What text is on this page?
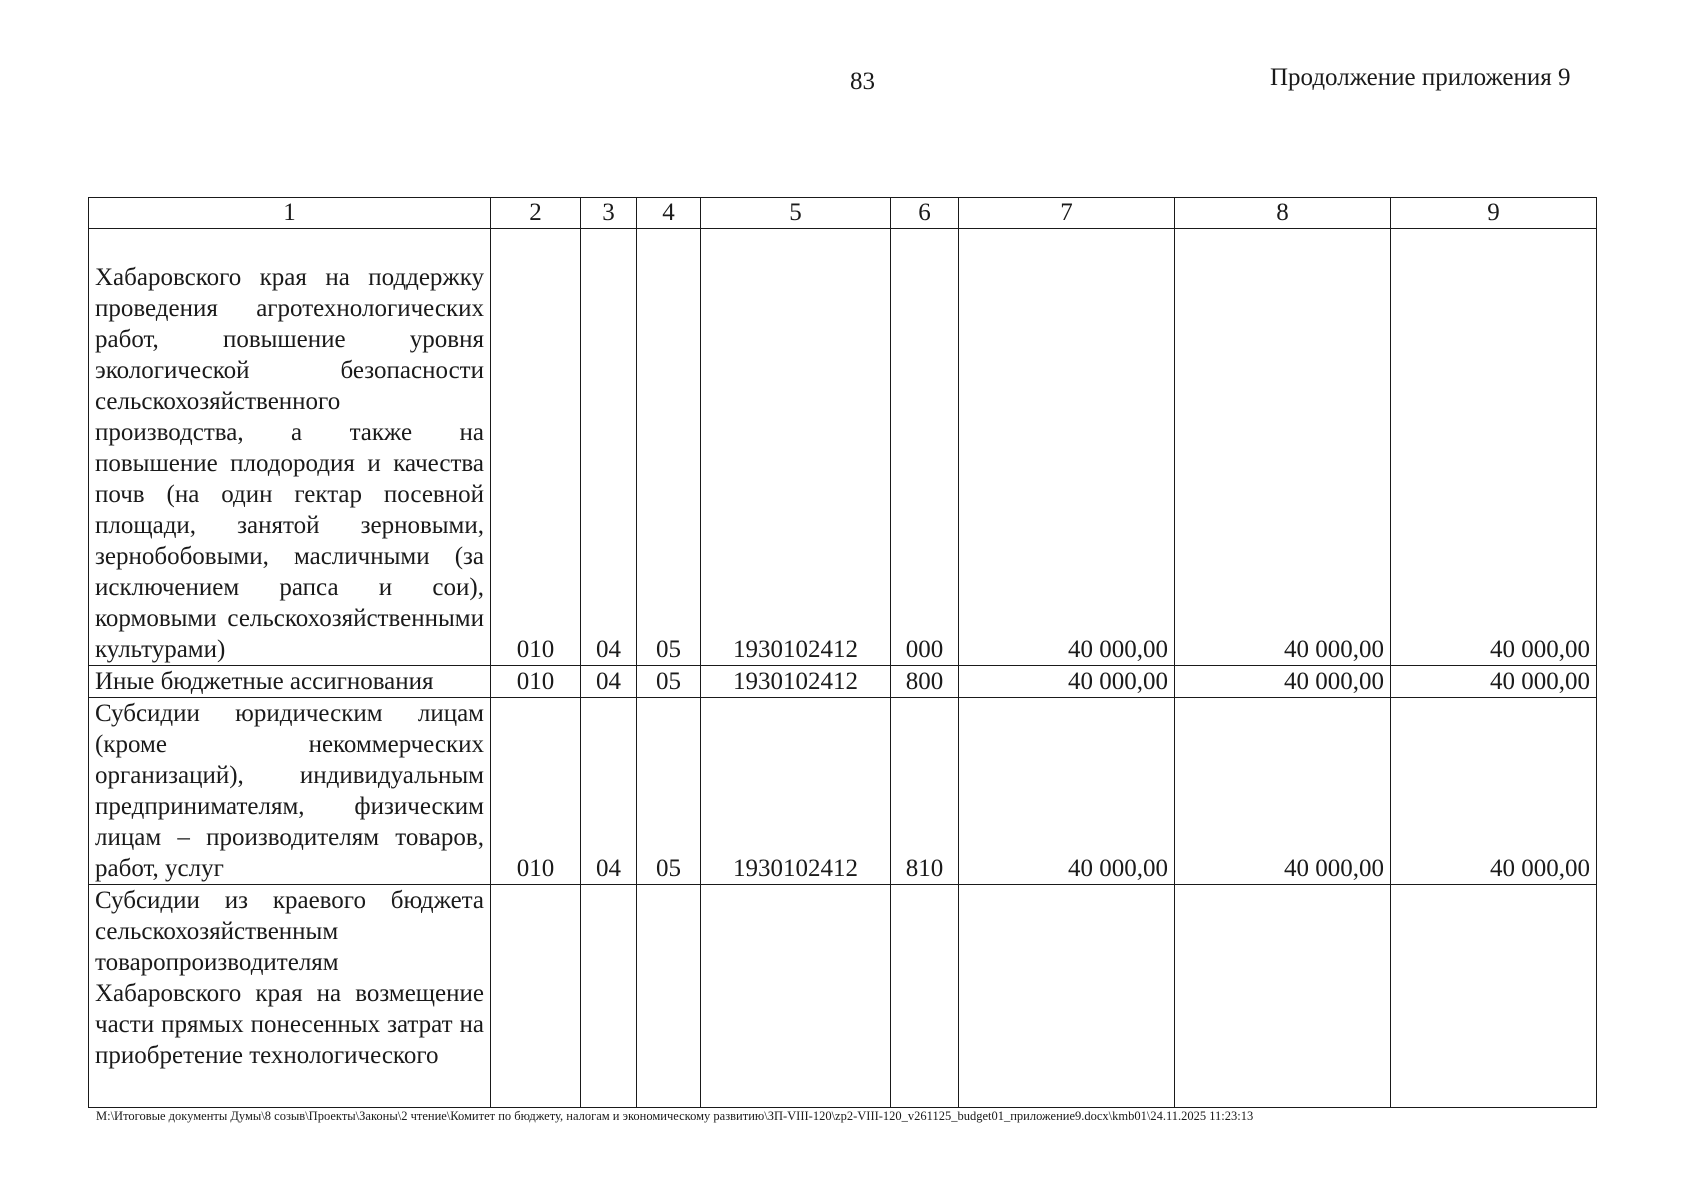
83	Продолжение приложения 9
1	2	3	4	5	6	7	8	9
Хабаровского края на поддержку проведения агротехнологических работ, повышение уровня экологической безопасности сельскохозяйственного производства, а также на повышение плодородия и качества почв (на один гектар посевной площади, занятой зерновыми, зернобобовыми, масличными (за исключением рапса и сои), кормовыми сельскохозяйственными культурами)	010	04	05	1930102412	000	40 000,00	40 000,00	40 000,00
Иные бюджетные ассигнования	010	04	05	1930102412	800	40 000,00	40 000,00	40 000,00
Субсидии юридическим лицам (кроме некоммерческих организаций), индивидуальным предпринимателям, физическим лицам – производителям товаров, работ, услуг	010	04	05	1930102412	810	40 000,00	40 000,00	40 000,00
Субсидии из краевого бюджета сельскохозяйственным товаропроизводителям Хабаровского края на возмещение части прямых понесенных затрат на приобретение технологического								
М:\Итоговые документы Думы\8 созыв\Проекты\Законы\2 чтение\Комитет по бюджету, налогам и экономическому развитию\ЗП-VIII-120\zp2-VIII-120_v261125_budget01_приложение9.docx\kmb01\24.11.2025 11:23:13
